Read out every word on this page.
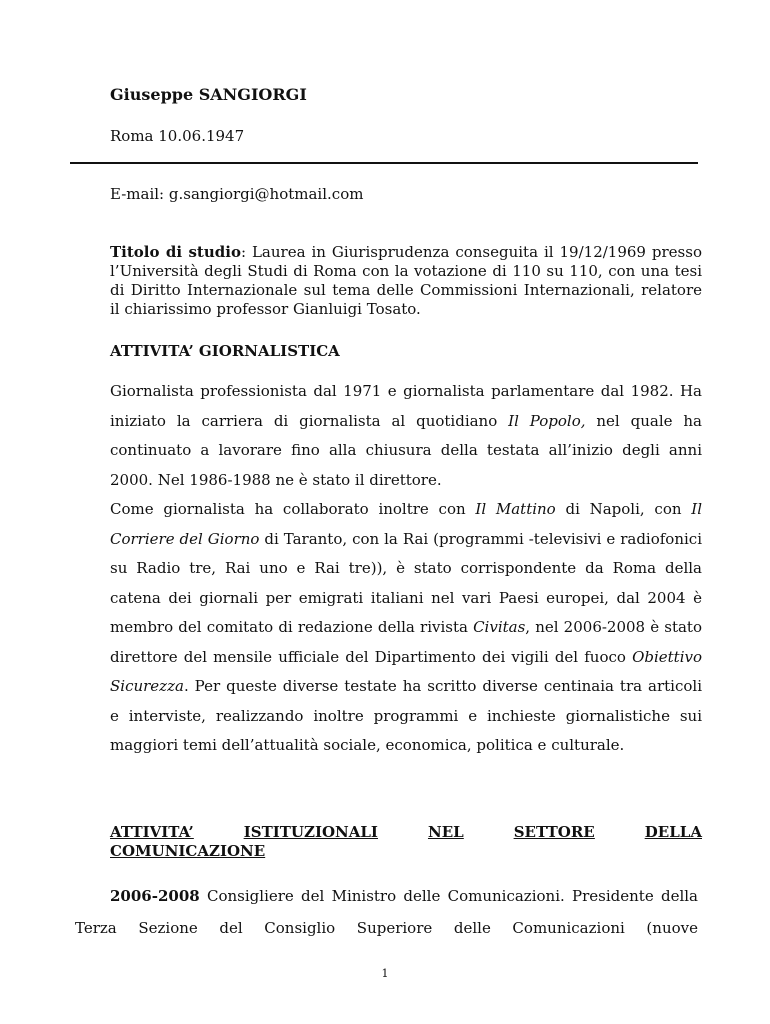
Giuseppe SANGIORGI
Roma 10.06.1947
E-mail: g.sangiorgi@hotmail.com
Titolo di studio: Laurea in Giurisprudenza conseguita il 19/12/1969 presso l’Università degli Studi di Roma con la votazione di 110 su 110, con una tesi di Diritto Internazionale sul tema delle Commissioni Internazionali, relatore il chiarissimo professor Gianluigi Tosato.
ATTIVITA’ GIORNALISTICA

Giornalista professionista dal 1971 e giornalista parlamentare dal 1982. Ha iniziato la carriera di giornalista al quotidiano Il Popolo, nel quale ha continuato a lavorare fino alla chiusura della testata all’inizio degli anni 2000. Nel 1986-1988 ne è stato il direttore.

Come giornalista ha collaborato inoltre con Il Mattino di Napoli, con Il Corriere del Giorno di Taranto, con la Rai (programmi -televisivi e radiofonici su Radio tre, Rai uno e Rai tre)), è stato corrispondente da Roma della catena dei giornali per emigrati italiani nel vari Paesi europei, dal 2004 è membro del comitato di redazione della rivista Civitas, nel 2006-2008 è stato direttore del mensile ufficiale del Dipartimento dei vigili del fuoco Obiettivo Sicurezza. Per queste diverse testate ha scritto diverse centinaia tra articoli e interviste, realizzando inoltre programmi e inchieste giornalistiche sui maggiori temi dell’attualità sociale, economica, politica e culturale.

ATTIVITA’	ISTITUZIONALI	NEL	SETTORE	DELLA
COMUNICAZIONE
2006-2008 Consigliere del Ministro delle Comunicazioni. Presidente della Terza Sezione del Consiglio Superiore delle Comunicazioni (nuove
1
